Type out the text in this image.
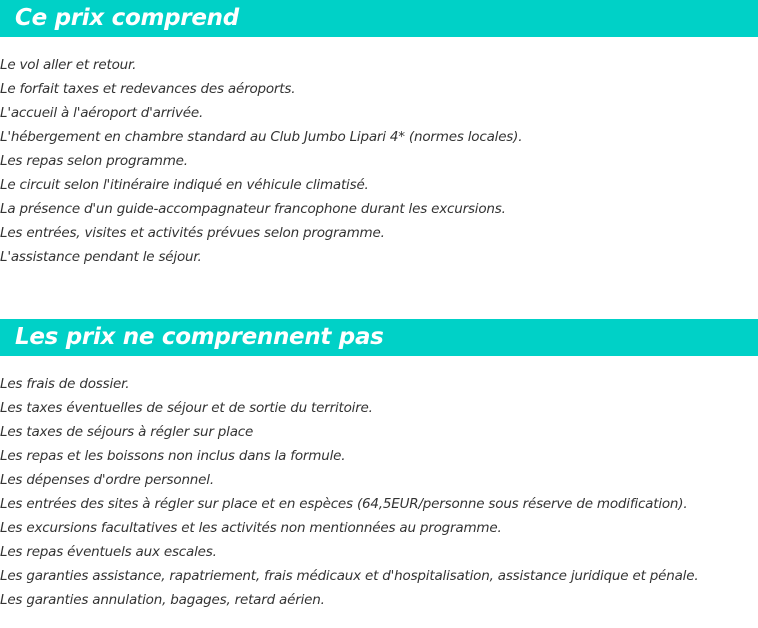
Ce prix comprend
Le vol aller et retour.
Le forfait taxes et redevances des aéroports.
L'accueil à l'aéroport d'arrivée.
L'hébergement en chambre standard au Club Jumbo Lipari 4* (normes locales).
Les repas selon programme.
Le circuit selon l'itinéraire indiqué en véhicule climatisé.
La présence d'un guide-accompagnateur francophone durant les excursions.
Les entrées, visites et activités prévues selon programme.
L'assistance pendant le séjour.
Les prix ne comprennent pas
Les frais de dossier.
Les taxes éventuelles de séjour et de sortie du territoire.
Les taxes de séjours à régler sur place
Les repas et les boissons non inclus dans la formule.
Les dépenses d'ordre personnel.
Les entrées des sites à régler sur place et en espèces (64,5EUR/personne sous réserve de modification).
Les excursions facultatives et les activités non mentionnées au programme.
Les repas éventuels aux escales.
Les garanties assistance, rapatriement, frais médicaux et d'hospitalisation, assistance juridique et pénale.
Les garanties annulation, bagages, retard aérien.
